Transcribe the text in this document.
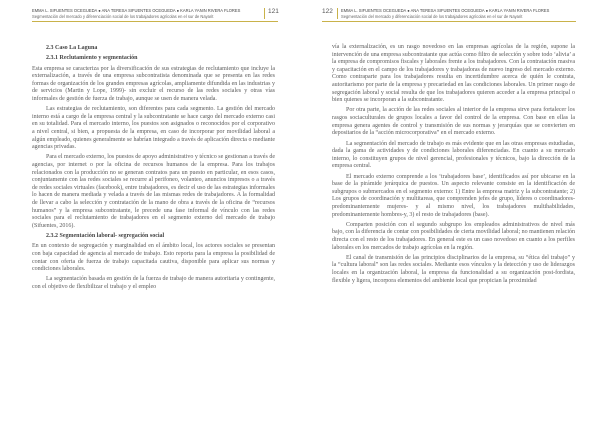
EMMA L. SIFUENTES OCEGUEDA ● ANA TERESA SIFUENTES OCEGUEDA ● KARLA YANIN RIVERA FLORES
Segmentación del mercado y diferenciación social de los trabajadores agrícolas en el sur de Nayarit
121

2.3 Caso La Laguna

2.3.1 Reclutamiento y segmentación

Esta empresa se caracteriza por la diversificación de sus estrategias de reclutamiento que incluye la externalización, a través de una empresa subcontratista denominada que se presenta en las redes formas de organización de los grandes empresas agrícolas, ampliamente difundida en las industrias y de servicios (Martin y Lope, 1999)- sin excluir el recurso de las redes sociales y otras vías informales de gestión de fuerza de trabajo, aunque se usen de manera velada.

Las estrategias de reclutamiento, son diferentes para cada segmento. La gestión del mercado interno está a cargo de la empresa central y la subcontratante se hace cargo del mercado externo casi en su totalidad. Para el mercado interno, los puestos son asignados o reconocidos por el corporativo a nivel central, si bien, a propuesta de la empresa, en caso de incorporar por movilidad laboral a algún empleado, quienes generalmente se habrían integrado a través de aplicación directa o mediante agencias privadas.

Para el mercado externo, los puestos de apoyo administrativo y técnico se gestionan a través de agencias, por internet o por la oficina de recursos humanos de la empresa. Para los trabajos relacionados con la producción no se generan contratos para un puesto en particular, en esos casos, conjuntamente con las redes sociales se recurre al perifoneo, volanteo, anuncios impresos o a través de redes sociales virtuales (facebook), entre trabajadores, es decir el uso de las estrategias informales lo hacen de manera mediada y velada a través de las mismas redes de trabajadores. A la formalidad de llevar a cabo la selección y contratación de la mano de obra a través de la oficina de “recursos humanos” y la empresa subcontratante, le precede una fase informal de vínculo con las redes sociales para el reclutamiento de trabajadores en el segmento externo del mercado de trabajo (Sifuentes, 2016).

2.3.2 Segmentación laboral- segregación social

En un contexto de segregación y marginalidad en el ámbito local, los actores sociales se presentan con baja capacidad de agencia al mercado de trabajo. Esto reporta para la empresa la posibilidad de contar con oferta de fuerza de trabajo capacitada cautiva, disponible para aplicar sus normas y condiciones laborales.

La segmentación basada en gestión de la fuerza de trabajo de manera autoritaria y contingente, con el objetivo de flexibilizar el trabajo y el empleo

122 EMMA L. SIFUENTES OCEGUEDA ● ANA TERESA SIFUENTES OCEGUEDA ● KARLA YANIN RIVERA FLORES
Segmentación del mercado y diferenciación social de los trabajadores agrícolas en el sur de Nayarit

vía la externalización, es un rasgo novedoso en las empresas agrícolas de la región, supone la intervención de una empresa subcontratante que actúa como filtro de selección y sobre todo ‘alivia’ a la empresa de compromisos fiscales y laborales frente a los trabajadores. Con la contratación masiva y capacitación en el campo de los trabajadores y trabajadoras de nuevo ingreso del mercado externo. Como contraparte para los trabajadores resulta en incertidumbre acerca de quién le contrata, autoritarismo por parte de la empresa y precariedad en las condiciones laborales. Un primer rasgo de segregación laboral y social resulta de que los trabajadores quieren acceder a la empresa principal o bien quienes se incorporan a la subcontratante.

Por otra parte, la acción de las redes sociales al interior de la empresa sirve para fortalecer los rasgos sociaculturales de grupos locales a favor del control de la empresa. Con base en ellas la empresa genera agentes de control y transmisión de sus normas y jerarquías que se convierten en depositarios de la “acción microcorporativa” en el mercado externo.

La segmentación del mercado de trabajo es más evidente que en las otras empresas estudiadas, dada la gama de actividades y de condiciones laborales diferenciadas. En cuanto a su mercado interno, lo constituyen grupos de nivel gerencial, profesionales y técnicos, bajo la dirección de la empresa central.

El mercado externo comprende a los ‘trabajadores base’, identificados así por ubicarse en la base de la pirámide jerárquica de puestos. Un aspecto relevante consiste en la identificación de subgrupos o submercados en el segmento externo: 1) Entre la empresa matriz y la subcontratante; 2) Los grupos de coordinación y multitareas, que comprenden jefes de grupo, líderes o coordinadores-predominantemente mujeres- y al mismo nivel, los trabajadores multihabilidades, predominantemente hombres-y, 3) el resto de trabajadores (base).

Comparten posición con el segundo subgrupo los empleados administrativos de nivel más bajo, con la diferencia de contar con posibilidades de cierta movilidad laboral; no mantienen relación directa con el resto de los trabajadores. En general este es un caso novedoso en cuanto a los perfiles laborales en los mercados de trabajo agrícolas en la región.

El canal de transmisión de las principios disciplinarios de la empresa, su “ética del trabajo” y la “cultura laboral” son las redes sociales. Mediante esos vínculos y la detección y uso de liderazgos locales en la organización laboral, la empresa da funcionalidad a su organización post-fordista, flexible y ligera, incorpora elementos del ambiente local que propician la proximidad
